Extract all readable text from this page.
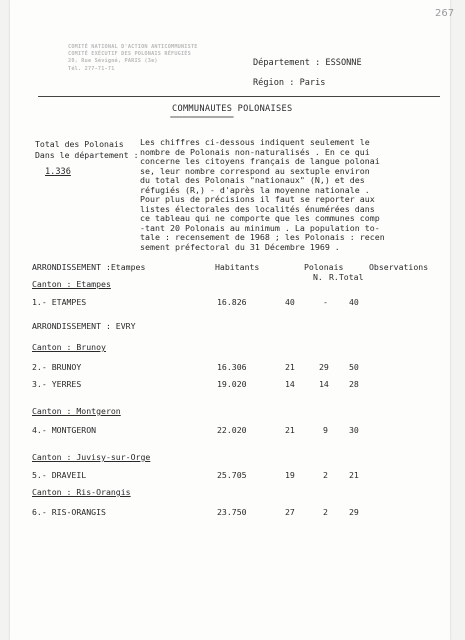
267
COMITÉ NATIONAL D'ACTION ANTICOMMUNISTE
COMITÉ EXÉCUTIF DES POLONAIS RÉFUGIÉS
20, Rue Sévigné, PARIS (3e)
Tél. 277-71-71
Département : ESSONNE
Région : Paris
COMMUNAUTES POLONAISES
=====================
Total des Polonais
Dans le département :
1.336
Les chiffres ci-dessous indiquent seulement le
nombre de Polonais non-naturalisés . En ce qui
concerne les citoyens français de langue polonai
se, leur nombre correspond au sextuple environ
du total des Polonais "nationaux" (N,) et des
réfugiés (R,) - d'après la moyenne nationale .
Pour plus de précisions il faut se reporter aux
listes électorales des localités énumérées dans
ce tableau qui ne comporte que les communes comp
-tant 20 Polonais au minimum . La population to-
tale : recensement de 1968 ; les Polonais : recen
sement préfectoral du 31 Décembre 1969 .
ARRONDISSEMENT :Etampes	Habitants	Polonais	Observations
N. R.Total
Canton : Etampes
1.- ETAMPES	16.826	40	-	40
ARRONDISSEMENT : EVRY
Canton : Brunoy
2.- BRUNOY	16.306	21	29 50
3.- YERRES	19.020	14	14 28
Canton : Montgeron
4.- MONTGERON	22.020	21	9	30
Canton : Juvisy-sur-Orge
5.- DRAVEIL	25.705	19	2	21
Canton : Ris-Orangis
6.- RIS-ORANGIS	23.750	27	2	29
